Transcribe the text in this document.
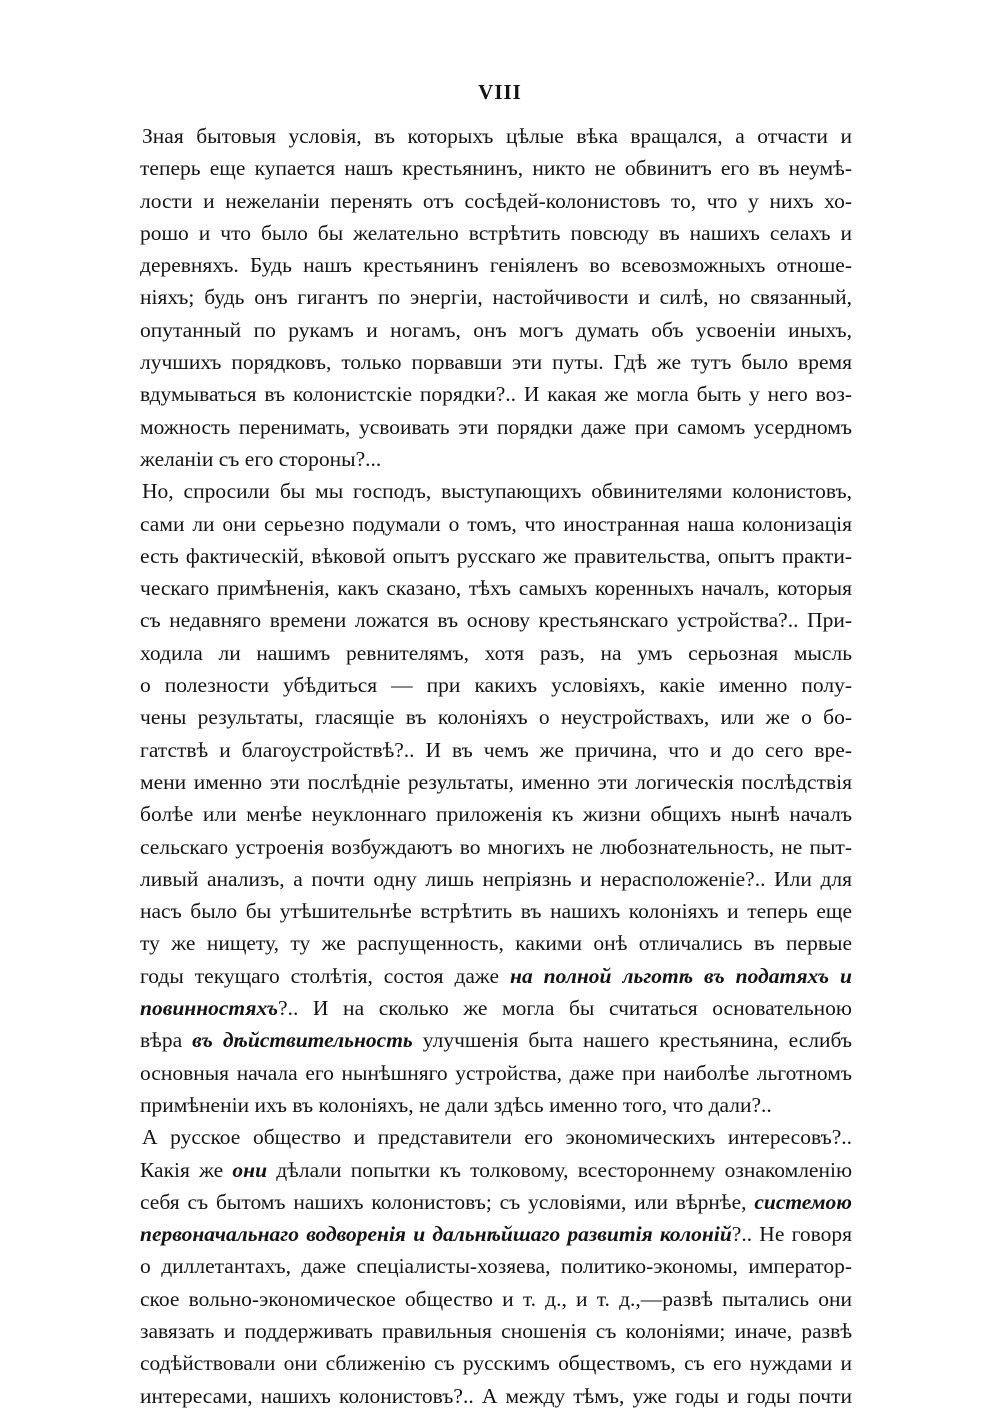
VIII
Зная бытовыя условія, въ которыхъ цѣлые вѣка вращался, а отчасти и
теперь еще купается нашъ крестьянинъ, никто не обвинитъ его въ неумѣ-
лости и нежеланіи перенять отъ сосѣдей-колонистовъ то, что у нихъ хо-
рошо и что было бы желательно встрѣтить повсюду въ нашихъ селахъ и
деревняхъ. Будь нашъ крестьянинъ геніяленъ во всевозможныхъ отноше-
ніяхъ; будь онъ гигантъ по энергіи, настойчивости и силѣ, но связанный,
опутанный по рукамъ и ногамъ, онъ могъ думать объ усвоеніи иныхъ,
лучшихъ порядковъ, только порвавши эти путы. Гдѣ же тутъ было время
вдумываться въ колонистскіе порядки?.. И какая же могла быть у него воз-
можность перенимать, усвоивать эти порядки даже при самомъ усердномъ
желаніи съ его стороны?...
Но, спросили бы мы господъ, выступающихъ обвинителями колонистовъ,
сами ли они серьезно подумали о томъ, что иностранная наша колонизація
есть фактическій, вѣковой опытъ русскаго же правительства, опытъ практи-
ческаго примѣненія, какъ сказано, тѣхъ самыхъ коренныхъ началъ, которыя
съ недавняго времени ложатся въ основу крестьянскаго устройства?.. При-
ходила ли нашимъ ревнителямъ, хотя разъ, на умъ серьозная мысль
о полезности убѣдиться — при какихъ условіяхъ, какіе именно полу-
чены результаты, гласящіе въ колоніяхъ о неустройствахъ, или же о бо-
гатствѣ и благоустройствѣ?.. И въ чемъ же причина, что и до сего вре-
мени именно эти послѣдніе результаты, именно эти логическія послѣдствія
болѣе или менѣе неуклоннаго приложенія къ жизни общихъ нынѣ началъ
сельскаго устроенія возбуждаютъ во многихъ не любознательность, не пыт-
ливый анализъ, а почти одну лишь непріязнь и нерасположеніе?.. Или для
насъ было бы утѣшительнѣе встрѣтить въ нашихъ колоніяхъ и теперь еще
ту же нищету, ту же распущенность, какими онѣ отличались въ первые
годы текущаго столѣтія, состоя даже на полной льготѣ въ податяхъ и
повинностяхъ?.. И на сколько же могла бы считаться основательною
вѣра въ дѣйствительность улучшенія быта нашего крестьянина, еслибъ
основныя начала его нынѣшняго устройства, даже при наиболѣе льготномъ
примѣненіи ихъ въ колоніяхъ, не дали здѣсь именно того, что дали?..
А русское общество и представители его экономическихъ интересовъ?..
Какія же они дѣлали попытки къ толковому, всестороннему ознакомленію
себя съ бытомъ нашихъ колонистовъ; съ условіями, или вѣрнѣе, системою
первоначальнаго водворенія и дальнѣйшаго развитія колоній?.. Не говоря
о диллетантахъ, даже спеціалисты-хозяева, политико-экономы, император-
ское вольно-экономическое общество и т. д., и т. д.,—развѣ пытались они
завязать и поддерживать правильныя сношенія съ колоніями; иначе, развѣ
содѣйствовали они сближенію съ русскимъ обществомъ, съ его нуждами и
интересами, нашихъ колонистовъ?.. А между тѣмъ, уже годы и годы почти
